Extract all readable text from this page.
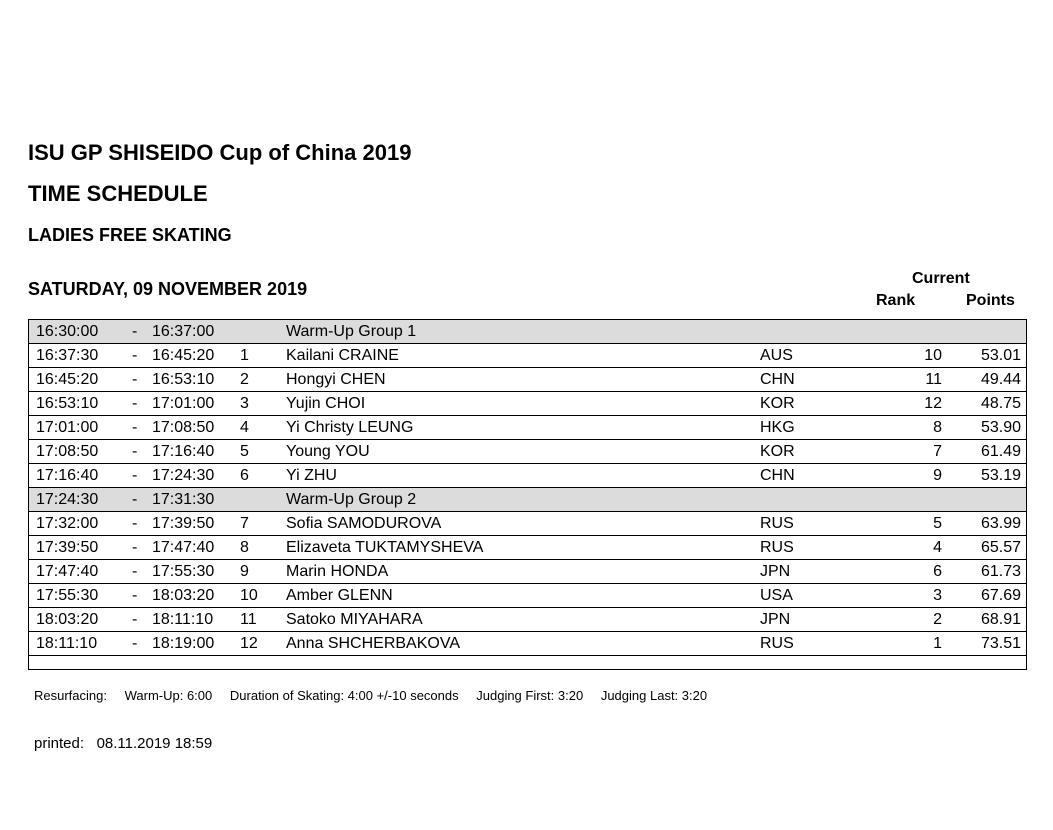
ISU GP SHISEIDO Cup of China 2019
TIME SCHEDULE
LADIES FREE SKATING
SATURDAY, 09 NOVEMBER 2019
Current
Rank	Points
16:30:00	-	16:37:00		Warm-Up Group 1			
16:37:30	-	16:45:20	1	Kailani CRAINE	AUS	10	53.01
16:45:20	-	16:53:10	2	Hongyi CHEN	CHN	11	49.44
16:53:10	-	17:01:00	3	Yujin CHOI	KOR	12	48.75
17:01:00	-	17:08:50	4	Yi Christy LEUNG	HKG	8	53.90
17:08:50	-	17:16:40	5	Young YOU	KOR	7	61.49
17:16:40	-	17:24:30	6	Yi ZHU	CHN	9	53.19
17:24:30	-	17:31:30		Warm-Up Group 2			
17:32:00	-	17:39:50	7	Sofia SAMODUROVA	RUS	5	63.99
17:39:50	-	17:47:40	8	Elizaveta TUKTAMYSHEVA	RUS	4	65.57
17:47:40	-	17:55:30	9	Marin HONDA	JPN	6	61.73
17:55:30	-	18:03:20	10	Amber GLENN	USA	3	67.69
18:03:20	-	18:11:10	11	Satoko MIYAHARA	JPN	2	68.91
18:11:10	-	18:19:00	12	Anna SHCHERBAKOVA	RUS	1	73.51
Resurfacing: Warm-Up: 6:00 Duration of Skating: 4:00 +/-10 seconds Judging First: 3:20 Judging Last: 3:20
printed: 08.11.2019 18:59
